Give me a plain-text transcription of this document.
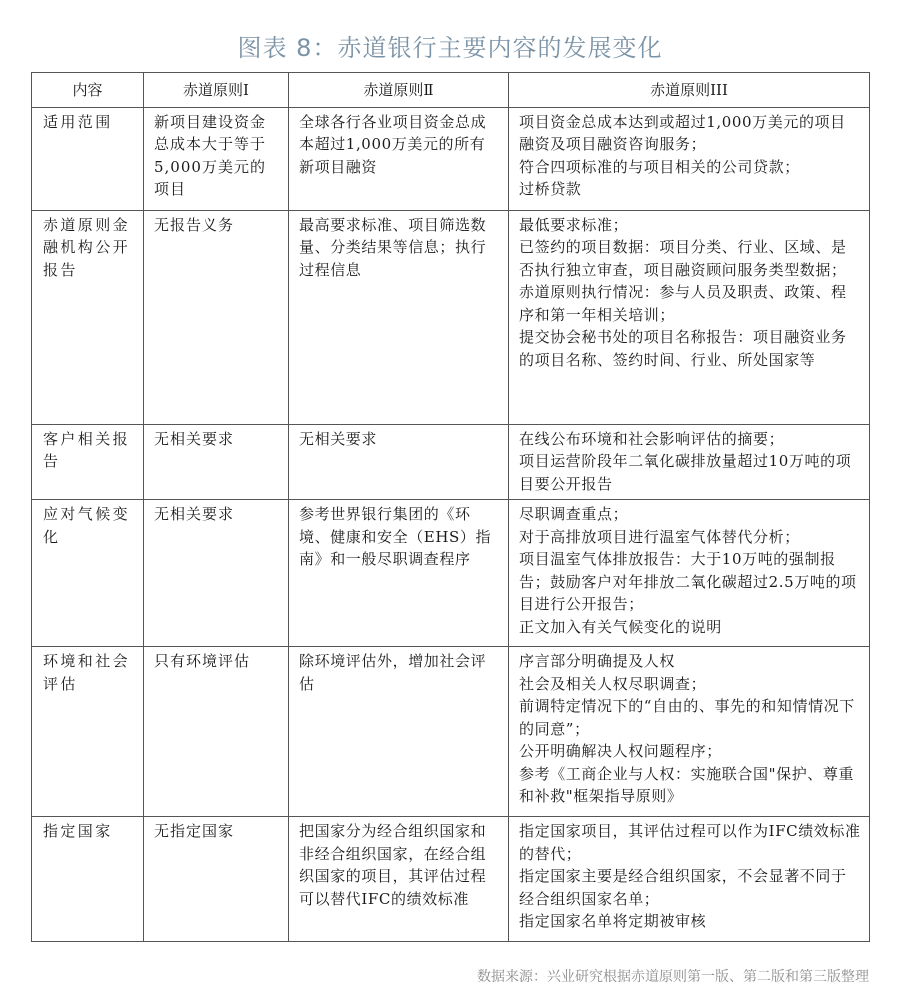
图表 8：赤道银行主要内容的发展变化
内容	赤道原则Ⅰ	赤道原则Ⅱ	赤道原则III
适用范围	新项目建设资金总成本大于等于5,000万美元的项目	全球各行各业项目资金总成本超过1,000万美元的所有新项目融资	项目资金总成本达到或超过1,000万美元的项目融资及项目融资咨询服务；
符合四项标准的与项目相关的公司贷款；
过桥贷款

赤道原则金融机构公开报告	无报告义务	最高要求标准、项目筛选数量、分类结果等信息；执行过程信息	最低要求标准；
已签约的项目数据：项目分类、行业、区域、是否执行独立审查，项目融资顾问服务类型数据；
赤道原则执行情况：参与人员及职责、政策、程序和第一年相关培训；
提交协会秘书处的项目名称报告：项目融资业务的项目名称、签约时间、行业、所处国家等

客户相关报告	无相关要求	无相关要求	在线公布环境和社会影响评估的摘要；
项目运营阶段年二氧化碳排放量超过10万吨的项目要公开报告

应对气候变化	无相关要求	参考世界银行集团的《环境、健康和安全（EHS）指南》和一般尽职调查程序	尽职调查重点；
对于高排放项目进行温室气体替代分析；
项目温室气体排放报告：大于10万吨的强制报告；鼓励客户对年排放二氧化碳超过2.5万吨的项目进行公开报告；
正文加入有关气候变化的说明

环境和社会评估	只有环境评估	除环境评估外，增加社会评估	序言部分明确提及人权
社会及相关人权尽职调查；
前调特定情况下的“自由的、事先的和知情情况下的同意”；
公开明确解决人权问题程序；
参考《工商企业与人权：实施联合国"保护、尊重和补救"框架指导原则》

指定国家	无指定国家	把国家分为经合组织国家和非经合组织国家，在经合组织国家的项目，其评估过程可以替代IFC的绩效标准	指定国家项目，其评估过程可以作为IFC绩效标准的替代；
指定国家主要是经合组织国家，不会显著不同于经合组织国家名单；
指定国家名单将定期被审核
数据来源：兴业研究根据赤道原则第一版、第二版和第三版整理
